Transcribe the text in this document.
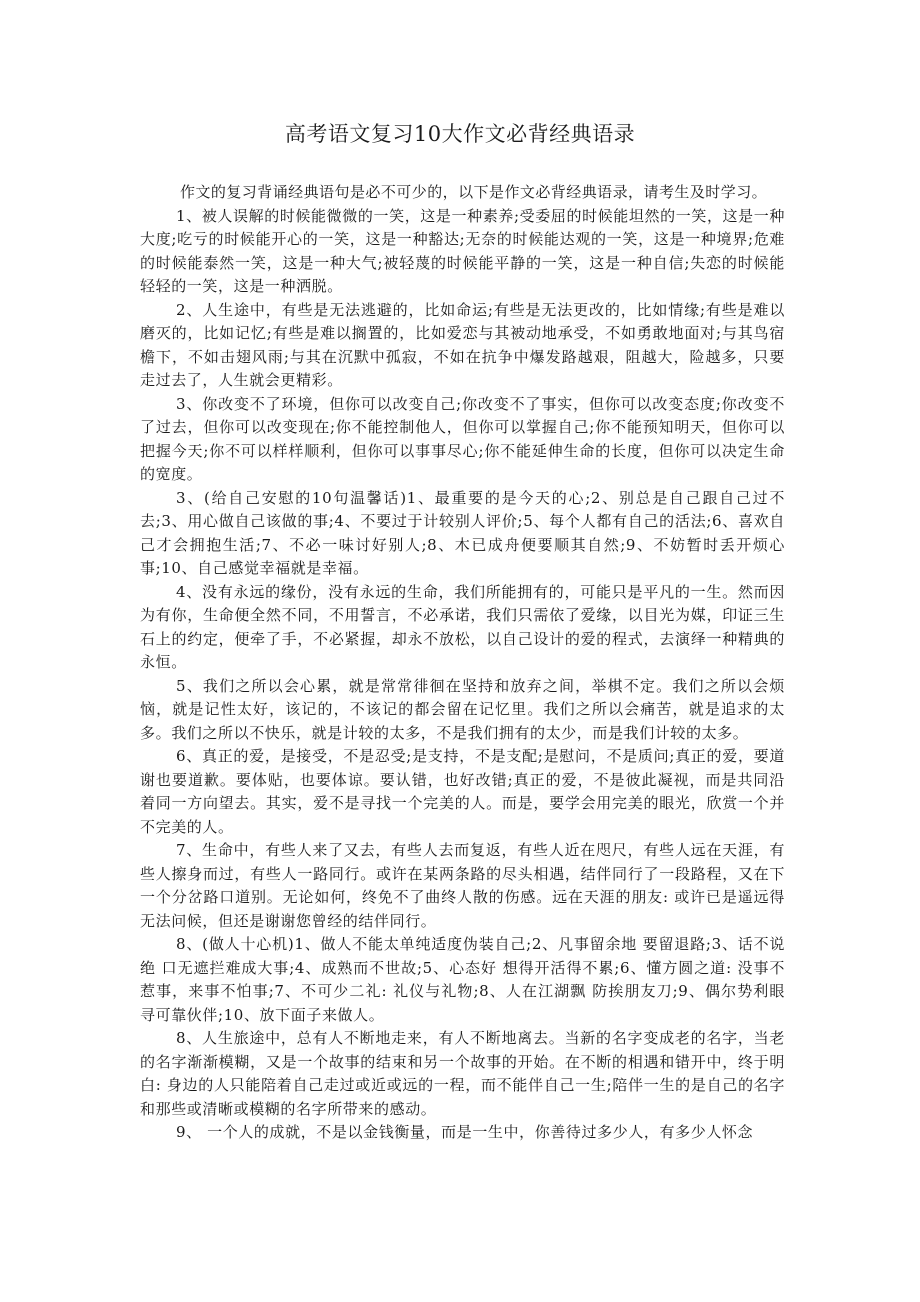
高考语文复习10大作文必背经典语录

作文的复习背诵经典语句是必不可少的，以下是作文必背经典语录，请考生及时学习。

1、被人误解的时候能微微的一笑，这是一种素养;受委屈的时候能坦然的一笑，这是一种大度;吃亏的时候能开心的一笑，这是一种豁达;无奈的时候能达观的一笑，这是一种境界;危难的时候能泰然一笑，这是一种大气;被轻蔑的时候能平静的一笑，这是一种自信;失恋的时候能轻轻的一笑，这是一种洒脱。

2、人生途中，有些是无法逃避的，比如命运;有些是无法更改的，比如情缘;有些是难以磨灭的，比如记忆;有些是难以搁置的，比如爱恋与其被动地承受，不如勇敢地面对;与其鸟宿檐下，不如击翅风雨;与其在沉默中孤寂，不如在抗争中爆发路越艰，阻越大，险越多，只要走过去了，人生就会更精彩。

3、你改变不了环境，但你可以改变自己;你改变不了事实，但你可以改变态度;你改变不了过去，但你可以改变现在;你不能控制他人，但你可以掌握自己;你不能预知明天，但你可以把握今天;你不可以样样顺利，但你可以事事尽心;你不能延伸生命的长度，但你可以决定生命的宽度。

3、(给自己安慰的10句温馨话)1、最重要的是今天的心;2、别总是自己跟自己过不去;3、用心做自己该做的事;4、不要过于计较别人评价;5、每个人都有自己的活法;6、喜欢自己才会拥抱生活;7、不必一味讨好别人;8、木已成舟便要顺其自然;9、不妨暂时丢开烦心事;10、自己感觉幸福就是幸福。

4、没有永远的缘份，没有永远的生命，我们所能拥有的，可能只是平凡的一生。然而因为有你，生命便全然不同，不用誓言，不必承诺，我们只需依了爱缘，以目光为媒，印证三生石上的约定，便牵了手，不必紧握，却永不放松，以自己设计的爱的程式，去演绎一种精典的永恒。

5、我们之所以会心累，就是常常徘徊在坚持和放弃之间，举棋不定。我们之所以会烦恼，就是记性太好，该记的，不该记的都会留在记忆里。我们之所以会痛苦，就是追求的太多。我们之所以不快乐，就是计较的太多，不是我们拥有的太少，而是我们计较的太多。

6、真正的爱，是接受，不是忍受;是支持，不是支配;是慰问，不是质问;真正的爱，要道谢也要道歉。要体贴，也要体谅。要认错，也好改错;真正的爱，不是彼此凝视，而是共同沿着同一方向望去。其实，爱不是寻找一个完美的人。而是，要学会用完美的眼光，欣赏一个并不完美的人。

7、生命中，有些人来了又去，有些人去而复返，有些人近在咫尺，有些人远在天涯，有些人擦身而过，有些人一路同行。或许在某两条路的尽头相遇，结伴同行了一段路程，又在下一个分岔路口道别。无论如何，终免不了曲终人散的伤感。远在天涯的朋友: 或许已是遥远得无法问候，但还是谢谢您曾经的结伴同行。

8、(做人十心机)1、做人不能太单纯适度伪装自己;2、凡事留余地 要留退路;3、话不说绝 口无遮拦难成大事;4、成熟而不世故;5、心态好 想得开活得不累;6、懂方圆之道: 没事不惹事，来事不怕事;7、不可少二礼: 礼仪与礼物;8、人在江湖飘 防挨朋友刀;9、偶尔势利眼 寻可靠伙伴;10、放下面子来做人。

8、人生旅途中，总有人不断地走来，有人不断地离去。当新的名字变成老的名字，当老的名字渐渐模糊，又是一个故事的结束和另一个故事的开始。在不断的相遇和错开中，终于明白: 身边的人只能陪着自己走过或近或远的一程，而不能伴自己一生;陪伴一生的是自己的名字和那些或清晰或模糊的名字所带来的感动。

9、 一个人的成就，不是以金钱衡量，而是一生中，你善待过多少人，有多少人怀念
